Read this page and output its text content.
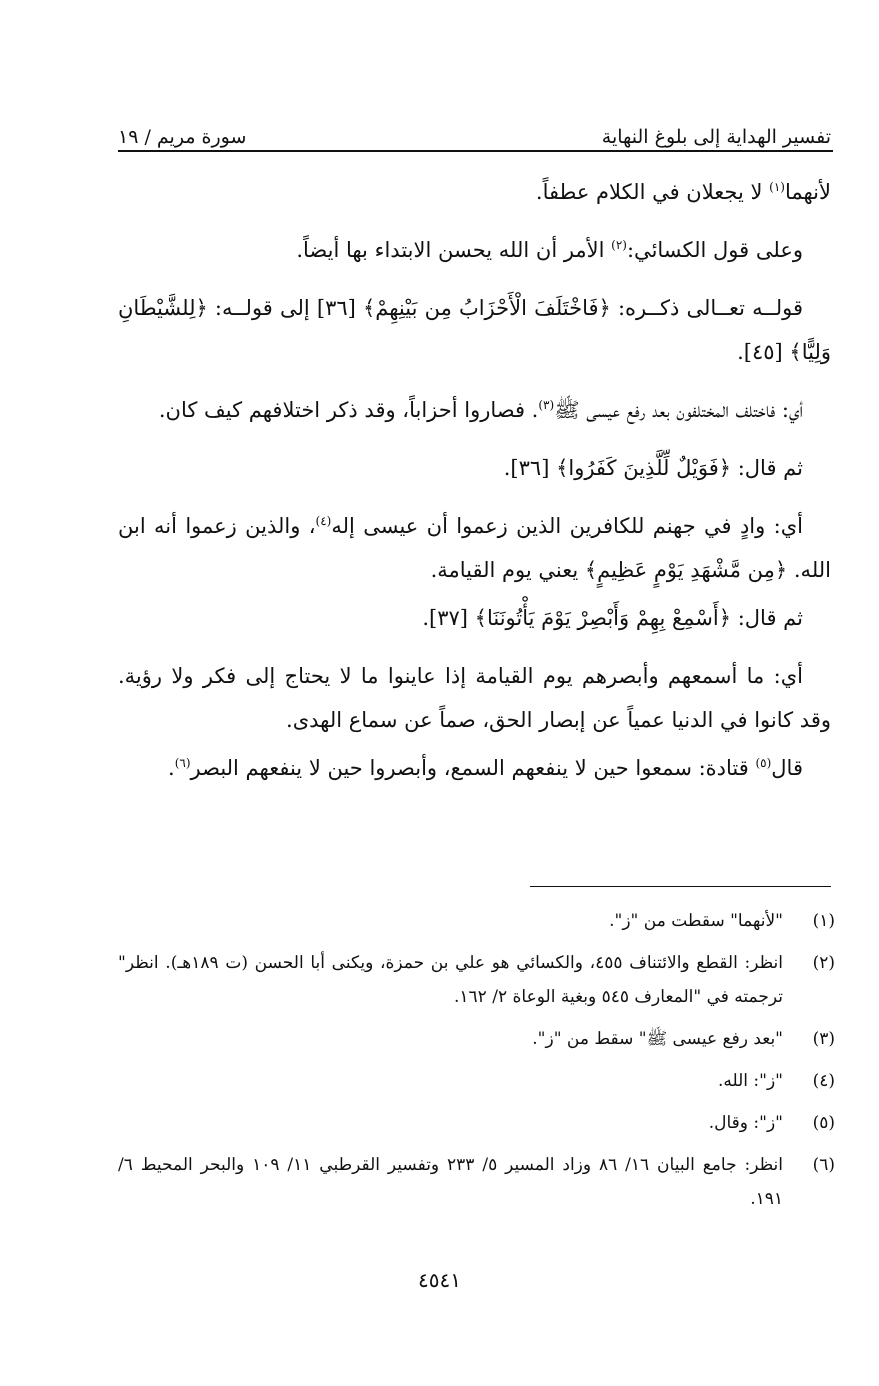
تفسير الهداية إلى بلوغ النهاية
سورة مريم / ١٩

لأنهما$^{(١)}$ لا يجعلان في الكلام عطفاً.

وعلى قول الكسائي:$^{(٢)}$ الأمر أن الله يحسن الابتداء بها أيضاً.

قولــه تعــالى ذكــره: ﴿فَاخْتَلَفَ الْأَحْزَابُ مِن بَيْنِهِمْ﴾ [٣٦] إلى قولــه: ﴿لِلشَّيْطَانِ وَلِيًّا﴾ [٤٥].

أي: فاختلف المختلفون بعد رفع عيسى ﷺ$^{(٣)}$. فصاروا أحزاباً، وقد ذكر اختلافهم كيف كان.

ثم قال: ﴿فَوَيْلٌ لِّلَّذِينَ كَفَرُوا﴾ [٣٦].

أي: وادٍ في جهنم للكافرين الذين زعموا أن عيسى إله$^{(٤)}$، والذين زعموا أنه ابن الله. ﴿مِن مَّشْهَدِ يَوْمٍ عَظِيمٍ﴾ يعني يوم القيامة.

ثم قال: ﴿أَسْمِعْ بِهِمْ وَأَبْصِرْ يَوْمَ يَأْتُونَنَا﴾ [٣٧].

أي: ما أسمعهم وأبصرهم يوم القيامة إذا عاينوا ما لا يحتاج إلى فكر ولا رؤية. وقد كانوا في الدنيا عمياً عن إبصار الحق، صماً عن سماع الهدى.

قال$^{(٥)}$ قتادة: سمعوا حين لا ينفعهم السمع، وأبصروا حين لا ينفعهم البصر$^{(٦)}$.

(١)
"لأنهما" سقطت من "ز".
(٢)
انظر: القطع والائتناف ٤٥٥، والكسائي هو علي بن حمزة، ويكنى أبا الحسن (ت ١٨٩هـ). انظر" ترجمته في "المعارف ٥٤٥ وبغية الوعاة ٢/ ١٦٢.
(٣)
"بعد رفع عيسى ﷺ" سقط من "ز".
(٤)
"ز": الله.
(٥)
"ز": وقال.
(٦)
انظر: جامع البيان ١٦/ ٨٦ وزاد المسير ٥/ ٢٣٣ وتفسير القرطبي ١١/ ١٠٩ والبحر المحيط ٦/ ١٩١.
٤٥٤١
